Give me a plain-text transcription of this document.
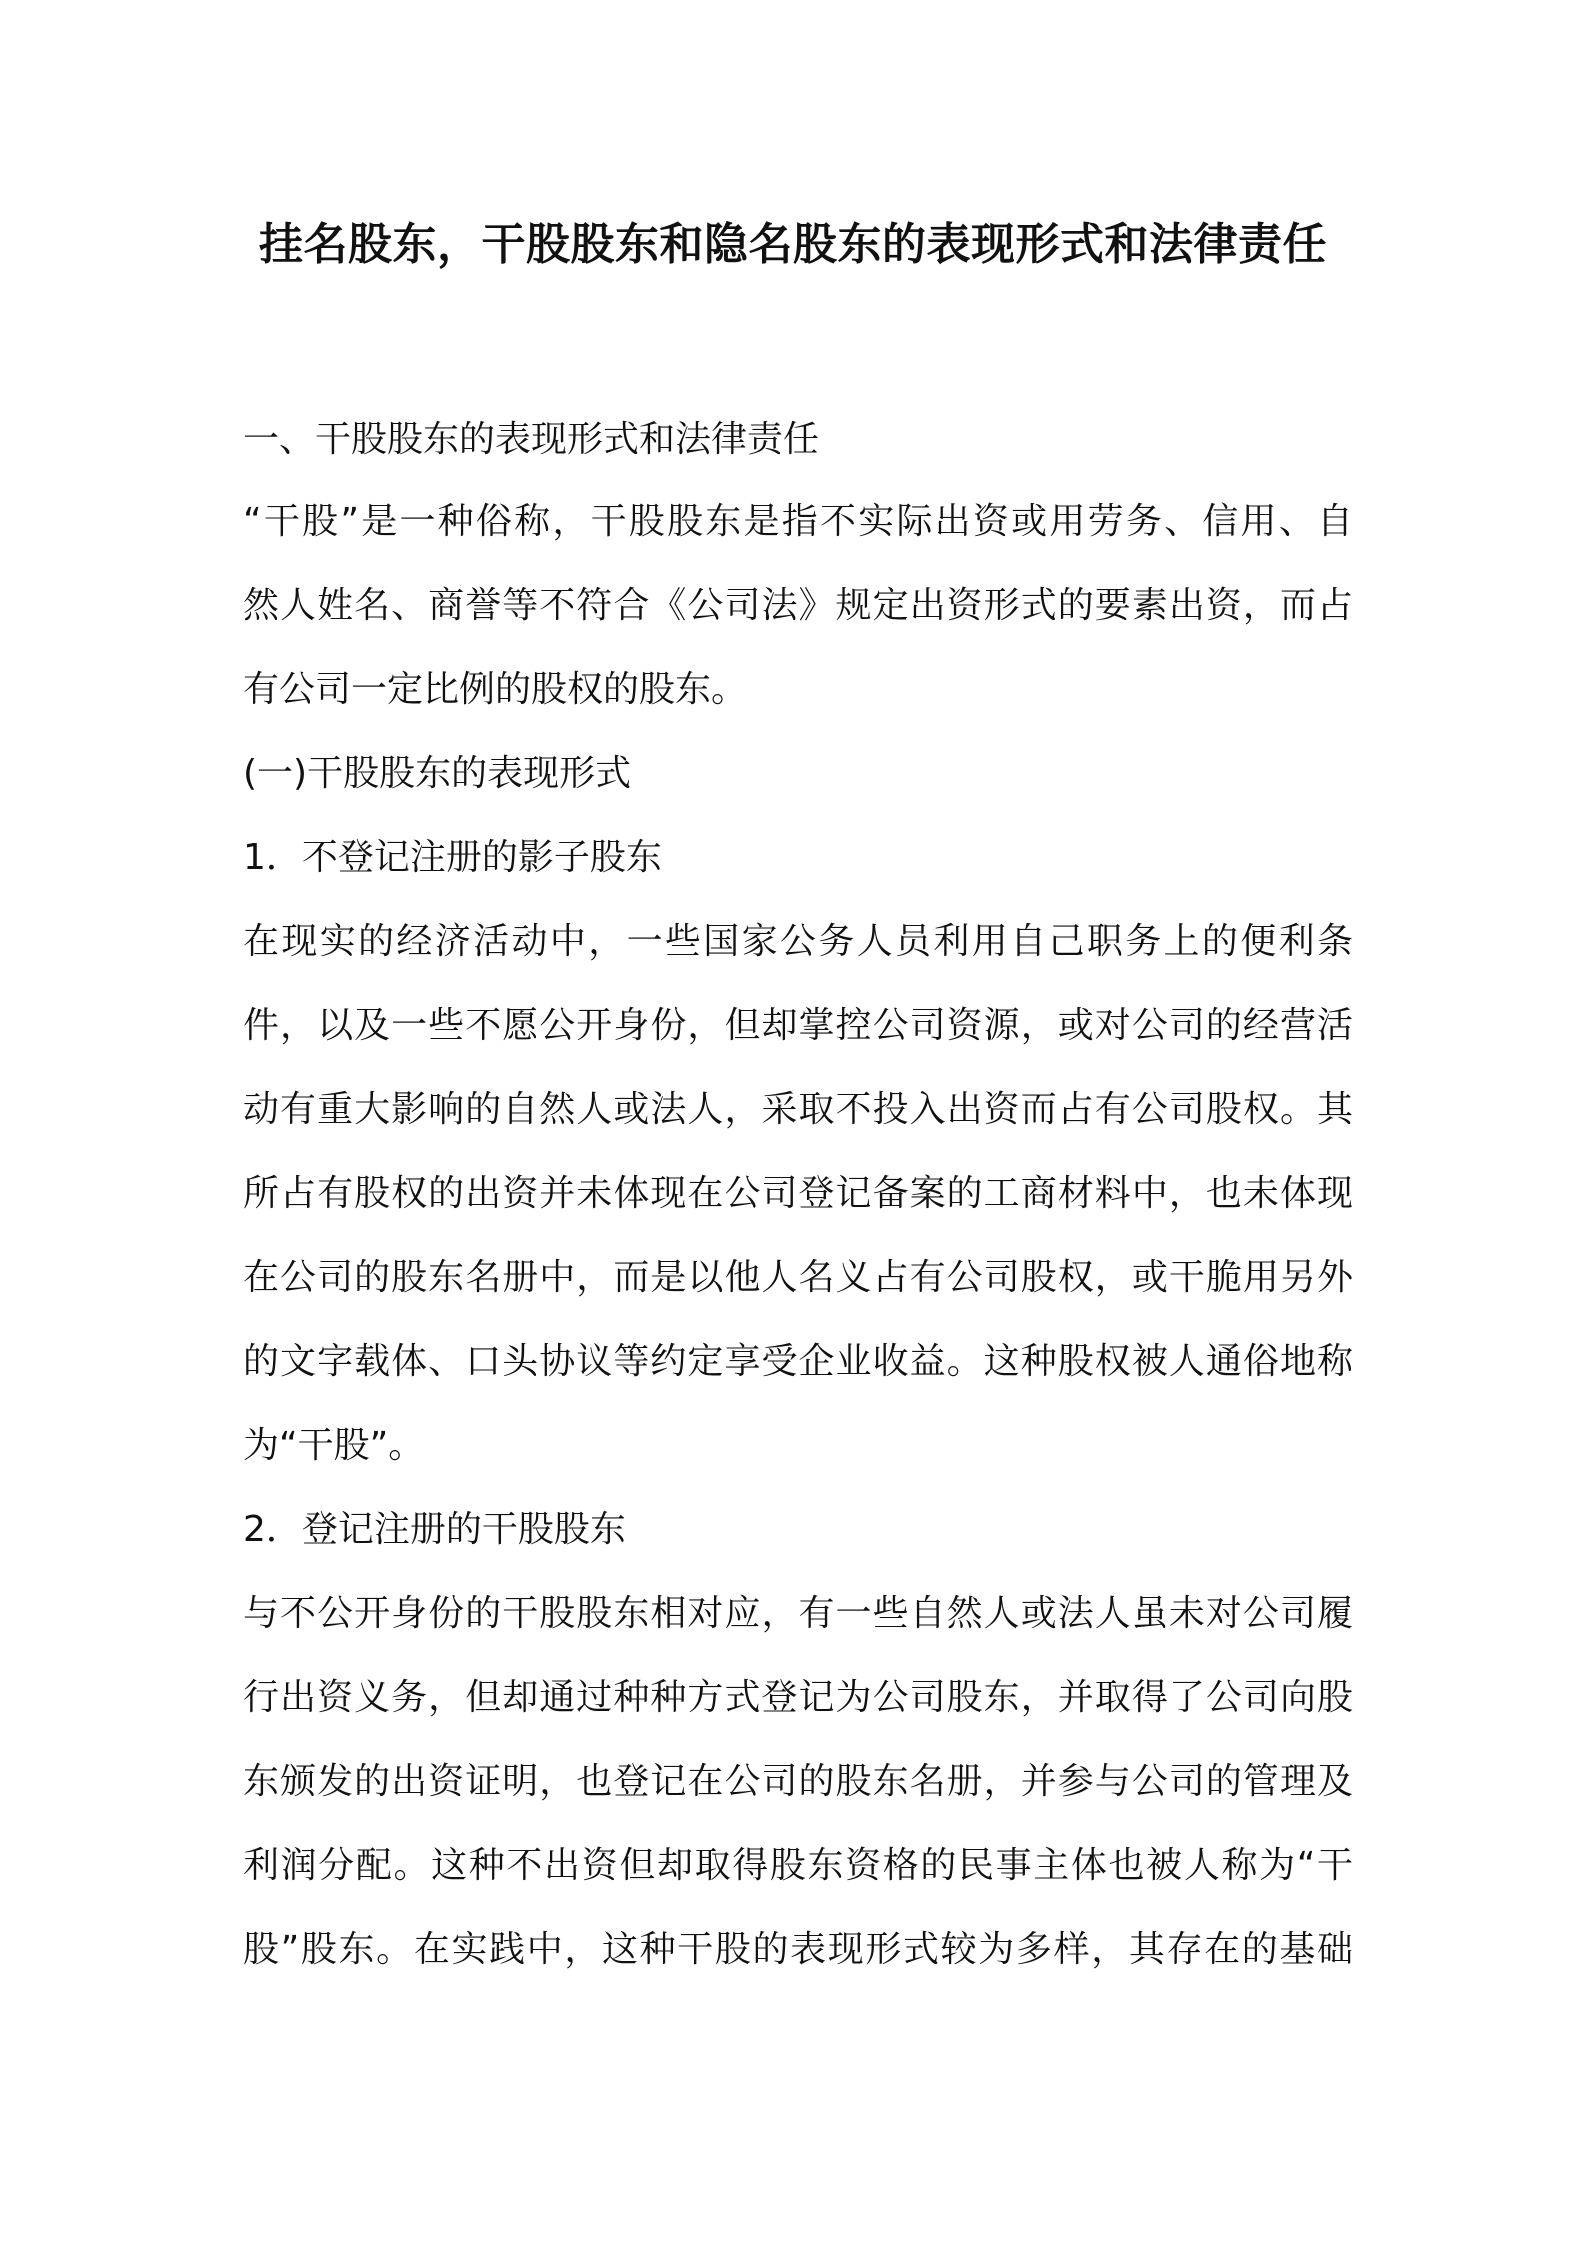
挂名股东，干股股东和隐名股东的表现形式和法律责任

一、干股股东的表现形式和法律责任

“干股”是一种俗称，干股股东是指不实际出资或用劳务、信用、自

然人姓名、商誉等不符合《公司法》规定出资形式的要素出资，而占

有公司一定比例的股权的股东。

(一)干股股东的表现形式

1．不登记注册的影子股东

在现实的经济活动中，一些国家公务人员利用自己职务上的便利条

件，以及一些不愿公开身份，但却掌控公司资源，或对公司的经营活

动有重大影响的自然人或法人，采取不投入出资而占有公司股权。其

所占有股权的出资并未体现在公司登记备案的工商材料中，也未体现

在公司的股东名册中，而是以他人名义占有公司股权，或干脆用另外

的文字载体、口头协议等约定享受企业收益。这种股权被人通俗地称

为“干股”。

2．登记注册的干股股东

与不公开身份的干股股东相对应，有一些自然人或法人虽未对公司履

行出资义务，但却通过种种方式登记为公司股东，并取得了公司向股

东颁发的出资证明，也登记在公司的股东名册，并参与公司的管理及

利润分配。这种不出资但却取得股东资格的民事主体也被人称为“干

股”股东。在实践中，这种干股的表现形式较为多样，其存在的基础
